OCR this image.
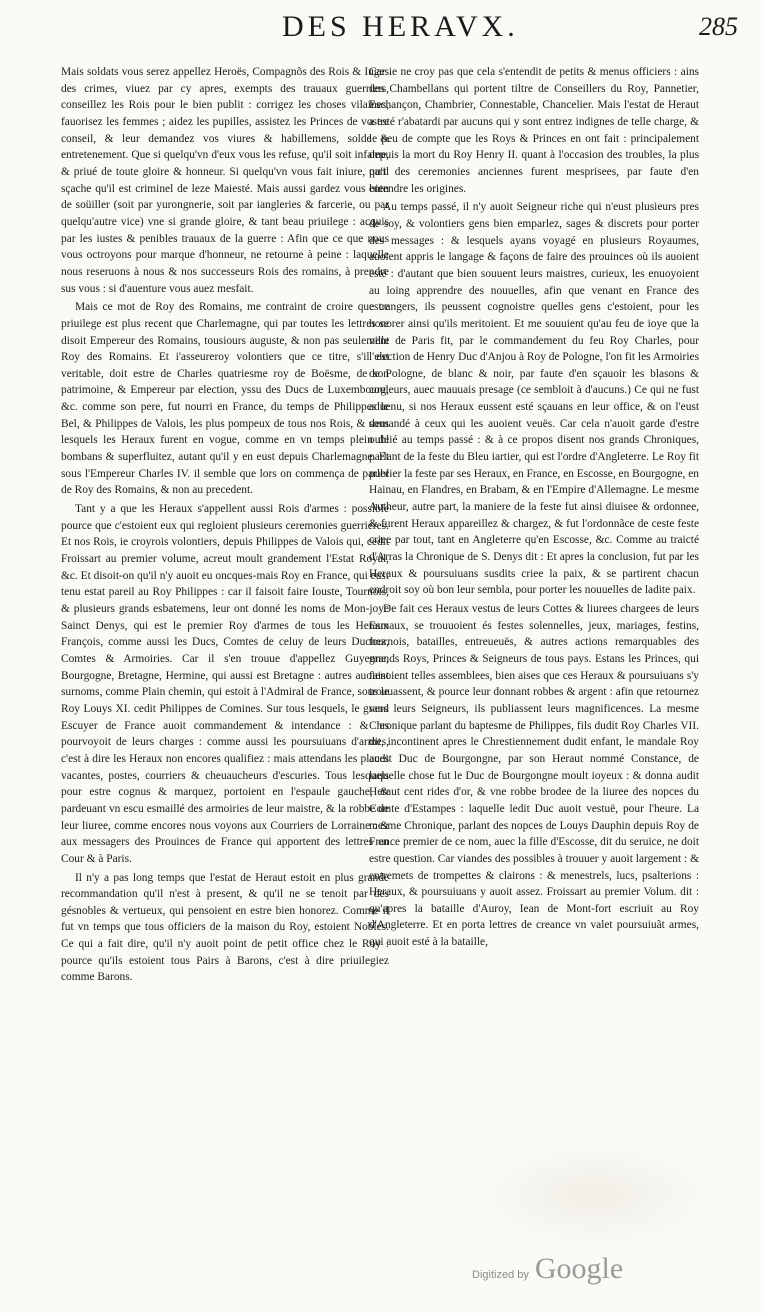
DES HERAVX.	285

Mais soldats vous serez appellez Heroës, Compagnõs des Rois & Iuges des crimes, viuez par cy apres, exempts des trauaux guerriers, conseillez les Rois pour le bien publit : corrigez les choses vilaines, fauorisez les femmes ; aidez les pupilles, assistez les Princes de vostre conseil, & leur demandez vos viures & habillemens, solde & entretenement. Que si quelqu'vn d'eux vous les refuse, qu'il soit infame, & priué de toute gloire & honneur. Si quelqu'vn vous fait iniure, qu'il sçache qu'il est criminel de leze Maiesté. Mais aussi gardez vous bien de soüiller (soit par yurongnerie, soit par iangleries & farcerie, ou par quelqu'autre vice) vne si grande gloire, & tant beau priuilege : acquis par les iustes & penibles trauaux de la guerre : Afin que ce que nous vous octroyons pour marque d'honneur, ne retourne à peine : laquelle nous reseruons à nous & nos successeurs Rois des romains, à prendre sus vous : si d'auenture vous auez mesfait.

Mais ce mot de Roy des Romains, me contraint de croire que ce priuilege est plus recent que Charlemagne, qui par toutes les lettres se disoit Empereur des Romains, tousiours auguste, & non pas seulement Roy des Romains. Et i'asseureroy volontiers que ce titre, s'il est veritable, doit estre de Charles quatriesme roy de Boësme, de son patrimoine, & Empereur par election, yssu des Ducs de Luxembourg, &c. comme son pere, fut nourri en France, du temps de Philippes le Bel, & Philippes de Valois, les plus pompeux de tous nos Rois, & sous lesquels les Heraux furent en vogue, comme en vn temps plein de bombans & superfluitez, autant qu'il y en eust depuis Charlemagne. Et sous l'Empereur Charles IV. il semble que lors on commença de parler de Roy des Romains, & non au precedent.

Tant y a que les Heraux s'appellent aussi Rois d'armes : possible pource que c'estoient eux qui regloient plusieurs ceremonies guerrieres. Et nos Rois, ie croyrois volontiers, depuis Philippes de Valois qui, cedit Froissart au premier volume, acreut moult grandement l'Estat Royal, &c. Et disoit-on qu'il n'y auoit eu oncques-mais Roy en France, qui eust tenu estat pareil au Roy Philippes : car il faisoit faire Iouste, Tournois, & plusieurs grands esbatemens, leur ont donné les noms de Mon-joye Sainct Denys, qui est le premier Roy d'armes de tous les Heraux François, comme aussi les Ducs, Comtes de celuy de leurs Duchez, Comtes & Armoiries. Car il s'en trouue d'appellez Guyenne, Bourgogne, Bretagne, Hermine, qui aussi est Bretagne : autres auoient surnoms, comme Plain chemin, qui estoit à l'Admiral de France, sous le Roy Louys XI. cedit Philippes de Comines. Sur tous lesquels, le grand Escuyer de France auoit commandement & intendance : & les pourvoyoit de leurs charges : comme aussi les poursuiuans d'armes, c'est à dire les Heraux non encores qualifiez : mais attendans les places vacantes, postes, courriers & cheuaucheurs d'escuries. Tous lesquels pour estre cognus & marquez, portoient en l'espaule gauche, & pardeuant vn escu esmaillé des armoiries de leur maistre, & la robbe de leur liuree, comme encores nous voyons aux Courriers de Lorraine : & aux messagers des Prouinces de France qui apportent des lettres en Cour & à Paris.

Il n'y a pas long temps que l'estat de Heraut estoit en plus grande recommandation qu'il n'est à present, & qu'il ne se tenoit par des gésnobles & vertueux, qui pensoient en estre bien honorez. Comme il fut vn temps que tous officiers de la maison du Roy, estoient Nobles. Ce qui a fait dire, qu'il n'y auoit point de petit office chez le Roy : pource qu'ils estoient tous Pairs à Barons, c'est à dire priuilegiez comme Barons.

Car ie ne croy pas que cela s'entendit de petits & menus officiers : ains des Chambellans qui portent tiltre de Conseillers du Roy, Pannetier, Eschançon, Chambrier, Connestable, Chancelier. Mais l'estat de Heraut a esté r'abatardi par aucuns qui y sont entrez indignes de telle charge, & le peu de compte que les Roys & Princes en ont fait : principalement depuis la mort du Roy Henry II. quant à l'occasion des troubles, la plus part des ceremonies anciennes furent mesprisees, par faute d'en entendre les origines.

Au temps passé, il n'y auoit Seigneur riche qui n'eust plusieurs pres de soy, & volontiers gens bien emparlez, sages & discrets pour porter des messages : & lesquels ayans voyagé en plusieurs Royaumes, auoient appris le langage & façons de faire des prouinces où ils auoient esté : d'autant que bien souuent leurs maistres, curieux, les enuoyoient au loing apprendre des nouuelles, afin que venant en France des estrangers, ils peussent cognoistre quelles gens c'estoient, pour les honorer ainsi qu'ils meritoient. Et me souuient qu'au feu de ioye que la ville de Paris fit, par le commandement du feu Roy Charles, pour l'election de Henry Duc d'Anjou à Roy de Pologne, l'on fit les Armoiries de Pologne, de blanc & noir, par faute d'en sçauoir les blasons & couleurs, auec mauuais presage (ce sembloit à d'aucuns.) Ce qui ne fust aduenu, si nos Heraux eussent esté sçauans en leur office, & on l'eust demandé à ceux qui les auoient veuës. Car cela n'auoit garde d'estre oublié au temps passé : & à ce propos disent nos grands Chroniques, parlant de la feste du Bleu iartier, qui est l'ordre d'Angleterre. Le Roy fit publier la feste par ses Heraux, en France, en Escosse, en Bourgogne, en Hainau, en Flandres, en Brabam, & en l'Empire d'Allemagne. Le mesme Autheur, autre part, la maniere de la feste fut ainsi diuisee & ordonnee, & furent Heraux appareillez & chargez, & fut l'ordonnãce de ceste feste criee par tout, tant en Angleterre qu'en Escosse, &c. Comme au traicté d'Arras la Chronique de S. Denys dit : Et apres la conclusion, fut par les Heraux & poursuiuans susdits criee la paix, & se partirent chacun endroit soy où bon leur sembla, pour porter les nouuelles de ladite paix.

De fait ces Heraux vestus de leurs Cottes & liurees chargees de leurs Esmaux, se trouuoient és festes solennelles, jeux, mariages, festins, tournois, batailles, entreueuës, & autres actions remarquables des grands Roys, Princes & Seigneurs de tous pays. Estans les Princes, qui faisoient telles assemblees, bien aises que ces Heraux & poursuiuans s'y trouuassent, & pource leur donnant robbes & argent : afin que retournez vers leurs Seigneurs, ils publiassent leurs magnificences. La mesme Chronique parlant du baptesme de Philippes, fils dudit Roy Charles VII. dit, incontinent apres le Chrestiennement dudit enfant, le mandale Roy audit Duc de Bourgongne, par son Heraut nommé Constance, de laquelle chose fut le Duc de Bourgongne moult ioyeux : & donna audit Heraut cent rides d'or, & vne robbe brodee de la liuree des nopces du Comte d'Estampes : laquelle ledit Duc auoit vestuë, pour l'heure. La mesme Chronique, parlant des nopces de Louys Dauphin depuis Roy de France premier de ce nom, auec la fille d'Escosse, dit du seruice, ne doit estre question. Car viandes des possibles à trouuer y auoit largement : & entremets de trompettes & clairons : & menestrels, lucs, psalterions : Heraux, & poursuiuans y auoit assez. Froissart au premier Volum. dit : qu'apres la bataille d'Auroy, Iean de Mont-fort escriuit au Roy d'Angleterre. Et en porta lettres de creance vn valet poursuiuãt armes, qui auoit esté à la bataille,

Digitized by Google
